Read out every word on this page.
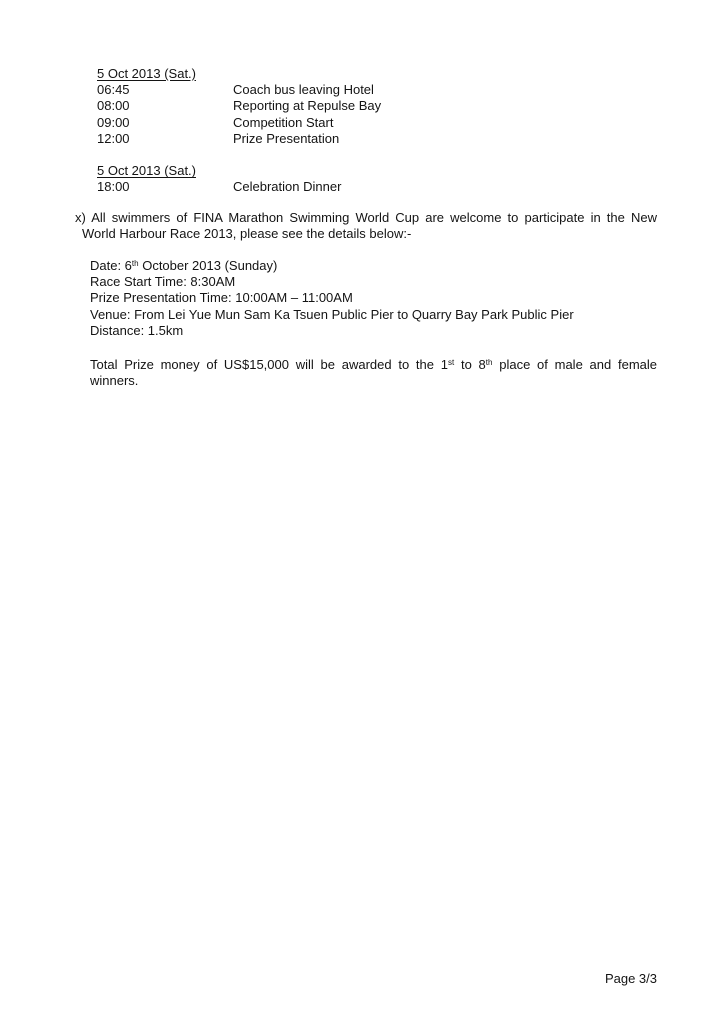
5 Oct 2013 (Sat.)
06:45	Coach bus leaving Hotel
08:00	Reporting at Repulse Bay
09:00	Competition Start
12:00	Prize Presentation
5 Oct 2013 (Sat.)
18:00	Celebration Dinner
x) All swimmers of FINA Marathon Swimming World Cup are welcome to participate in the New
World Harbour Race 2013, please see the details below:-
Date: 6th October 2013 (Sunday)
Race Start Time: 8:30AM
Prize Presentation Time: 10:00AM – 11:00AM
Venue: From Lei Yue Mun Sam Ka Tsuen Public Pier to Quarry Bay Park Public Pier
Distance: 1.5km
Total Prize money of US$15,000 will be awarded to the 1st to 8th place of male and female
winners.
Page 3/3
